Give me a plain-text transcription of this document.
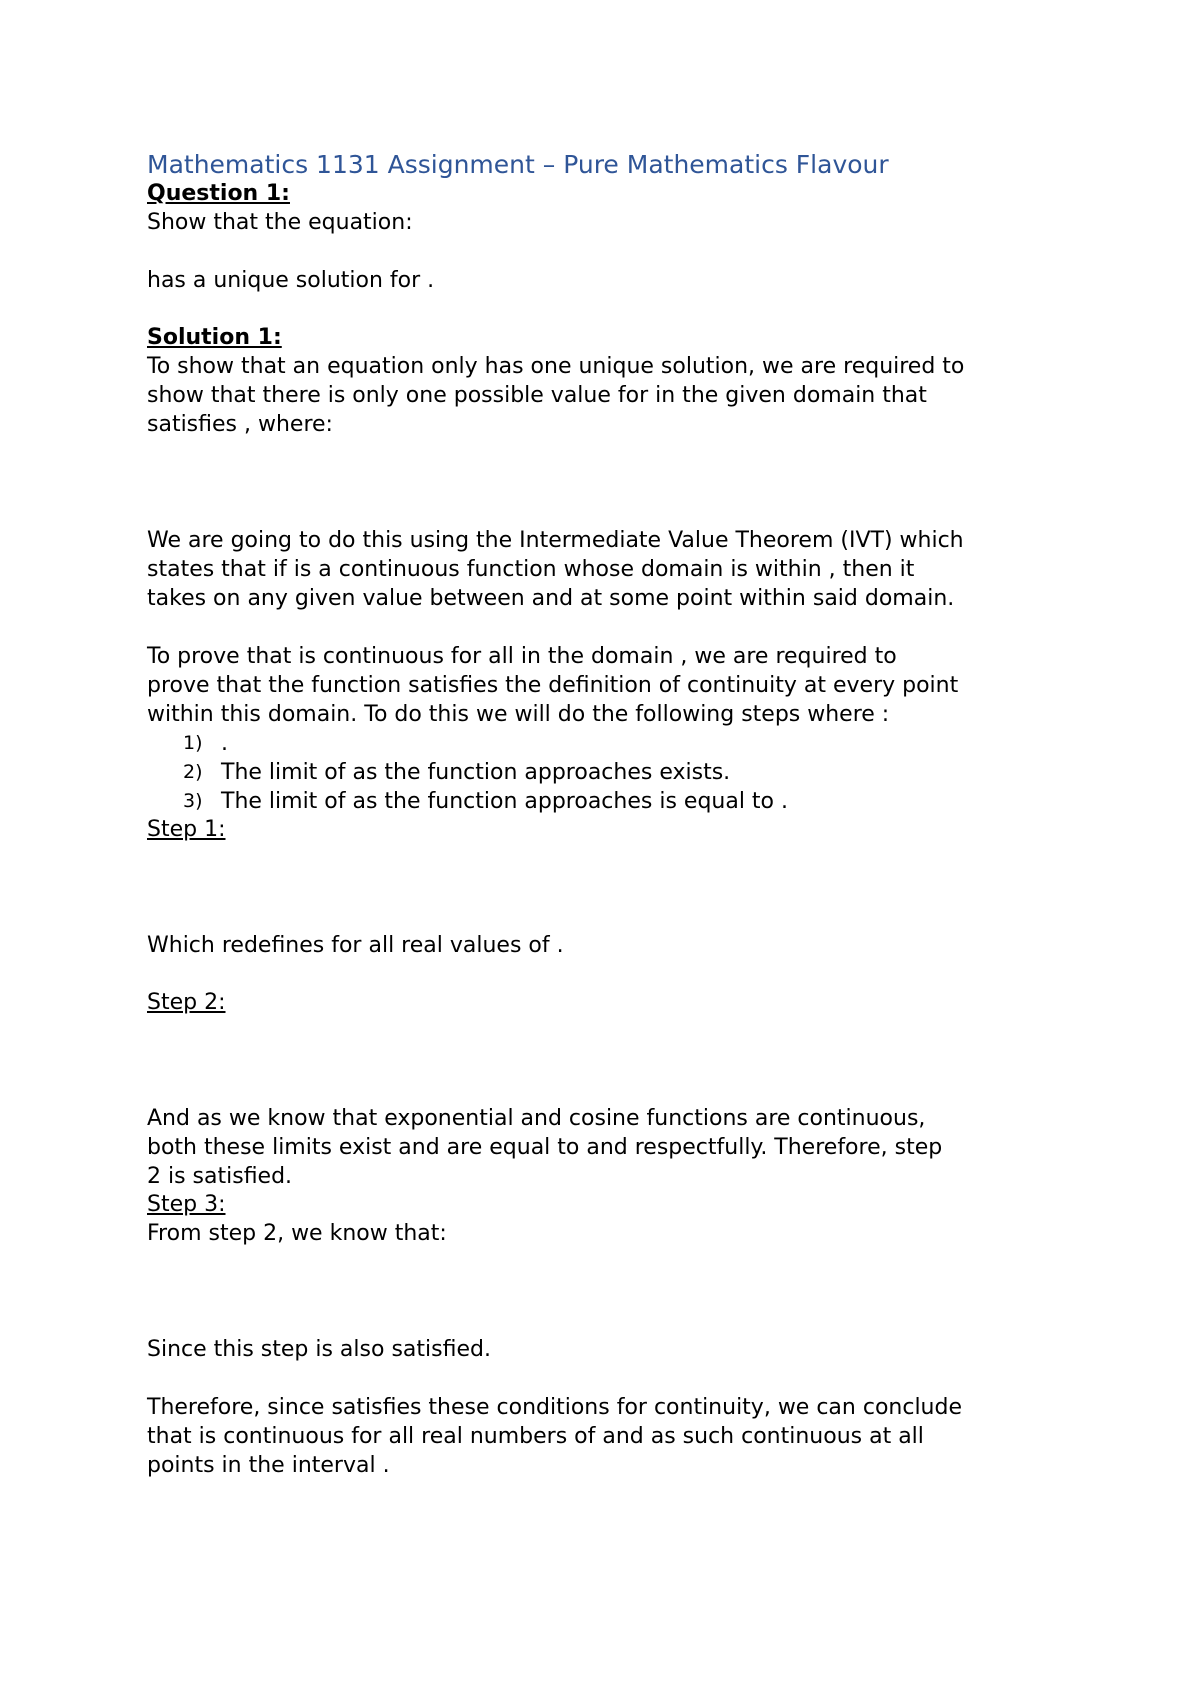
Mathematics 1131 Assignment – Pure Mathematics Flavour
Question 1:

Show that the equation:

has a unique solution for .

Solution 1:

To show that an equation only has one unique solution, we are required to

show that there is only one possible value for in the given domain that

satisfies , where:

We are going to do this using the Intermediate Value Theorem (IVT) which

states that if is a continuous function whose domain is within , then it

takes on any given value between and at some point within said domain.

To prove that is continuous for all in the domain , we are required to

prove that the function satisfies the definition of continuity at every point

within this domain. To do this we will do the following steps where :

1) .
2) The limit of as the function approaches exists.
3) The limit of as the function approaches is equal to .
Step 1:

Which redefines for all real values of .

Step 2:

And as we know that exponential and cosine functions are continuous,

both these limits exist and are equal to and respectfully. Therefore, step

2 is satisfied.

Step 3:

From step 2, we know that:

Since this step is also satisfied.

Therefore, since satisfies these conditions for continuity, we can conclude

that is continuous for all real numbers of and as such continuous at all

points in the interval .
